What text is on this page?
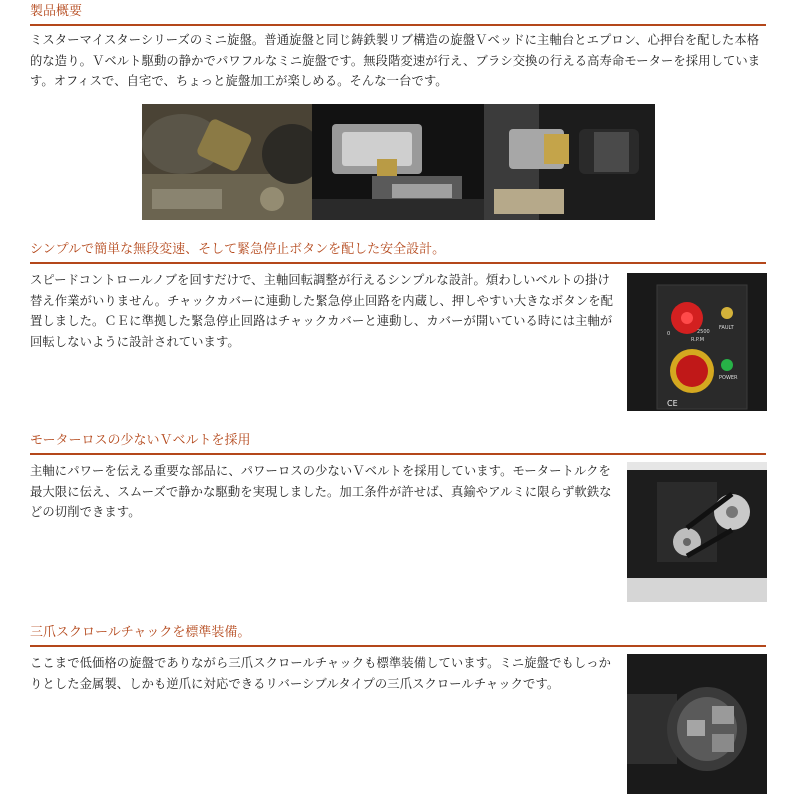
製品概要
ミスターマイスターシリーズのミニ旋盤。普通旋盤と同じ鋳鉄製リブ構造の旋盤Ｖベッドに主軸台とエプロン、心押台を配した本格的な造り。Ｖベルト駆動の静かでパワフルなミニ旋盤です。無段階変速が行え、ブラシ交換の行える高寿命モーターを採用しています。オフィスで、自宅で、ちょっと旋盤加工が楽しめる。そんな一台です。
シンプルで簡単な無段変速、そして緊急停止ボタンを配した安全設計。
スピードコントロールノブを回すだけで、主軸回転調整が行えるシンプルな設計。煩わしいベルトの掛け替え作業がいりません。チャックカバーに連動した緊急停止回路を内蔵し、押しやすい大きなボタンを配置しました。ＣＥに準拠した緊急停止回路はチャックカバーと連動し、カバーが開いている時には主軸が回転しないように設計されています。
FAULT
R.P.M
POWER
0	2500
CE
モーターロスの少ないＶベルトを採用
主軸にパワーを伝える重要な部品に、パワーロスの少ないＶベルトを採用しています。モータートルクを最大限に伝え、スムーズで静かな駆動を実現しました。加工条件が許せば、真鍮やアルミに限らず軟鉄などの切削できます。
三爪スクロールチャックを標準装備。
ここまで低価格の旋盤でありながら三爪スクロールチャックも標準装備しています。ミニ旋盤でもしっかりとした金属製、しかも逆爪に対応できるリバーシブルタイプの三爪スクロールチャックです。
